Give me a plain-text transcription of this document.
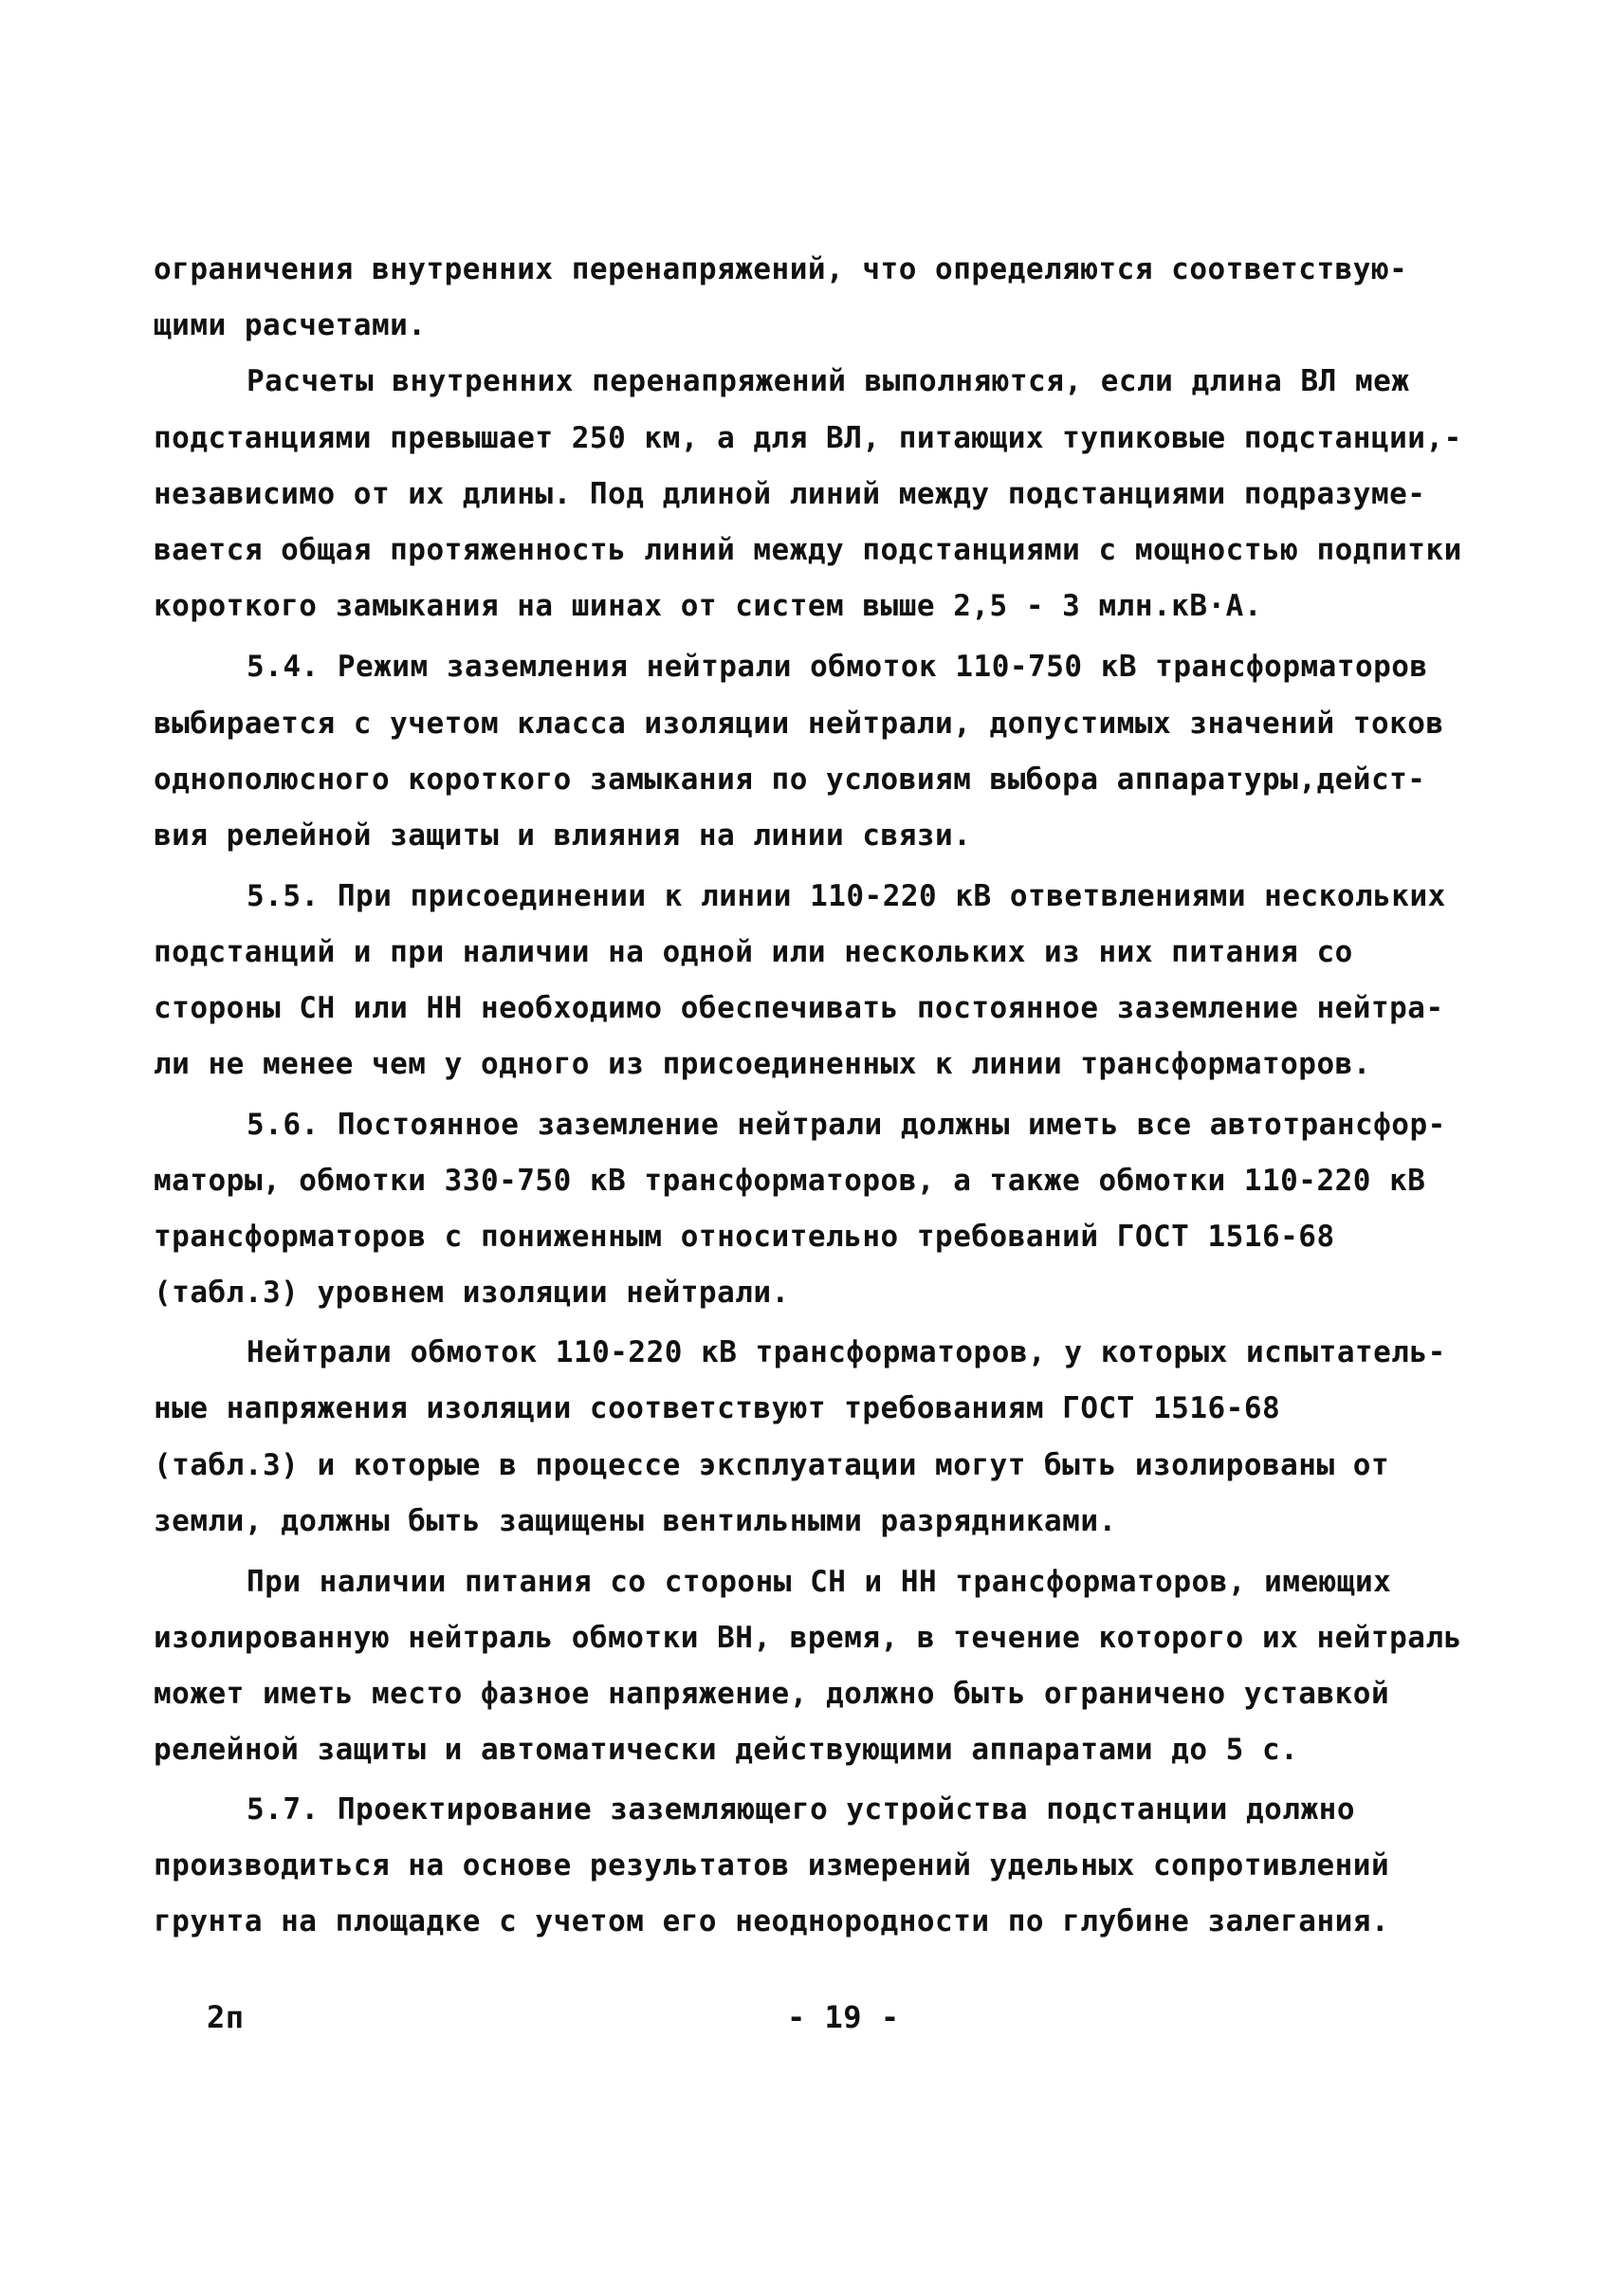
ограничения внутренних перенапряжений, что определяются соответствую-
щими расчетами.
Расчеты внутренних перенапряжений выполняются, если длина ВЛ меж
подстанциями превышает 250 км, а для ВЛ, питающих тупиковые подстанции,-
независимо от их длины. Под длиной линий между подстанциями подразуме-
вается общая протяженность линий между подстанциями с мощностью подпитки
короткого замыкания на шинах от систем выше 2,5 - 3 млн.кВ·А.
5.4. Режим заземления нейтрали обмоток 110-750 кВ трансформаторов
выбирается с учетом класса изоляции нейтрали, допустимых значений токов
однополюсного короткого замыкания по условиям выбора аппаратуры,дейст-
вия релейной защиты и влияния на линии связи.
5.5. При присоединении к линии 110-220 кВ ответвлениями нескольких
подстанций и при наличии на одной или нескольких из них питания со
стороны СН или НН необходимо обеспечивать постоянное заземление нейтра-
ли не менее чем у одного из присоединенных к линии трансформаторов.
5.6. Постоянное заземление нейтрали должны иметь все автотрансфор-
маторы, обмотки 330-750 кВ трансформаторов, а также обмотки 110-220 кВ
трансформаторов с пониженным относительно требований ГОСТ 1516-68
(табл.3) уровнем изоляции нейтрали.
Нейтрали обмоток 110-220 кВ трансформаторов, у которых испытатель-
ные напряжения изоляции соответствуют требованиям ГОСТ 1516-68
(табл.3) и которые в процессе эксплуатации могут быть изолированы от
земли, должны быть защищены вентильными разрядниками.
При наличии питания со стороны СН и НН трансформаторов, имеющих
изолированную нейтраль обмотки ВН, время, в течение которого их нейтраль
может иметь место фазное напряжение, должно быть ограничено уставкой
релейной защиты и автоматически действующими аппаратами до 5 с.
5.7. Проектирование заземляющего устройства подстанции должно
производиться на основе результатов измерений удельных сопротивлений
грунта на площадке с учетом его неоднородности по глубине залегания.
2п	- 19 -
